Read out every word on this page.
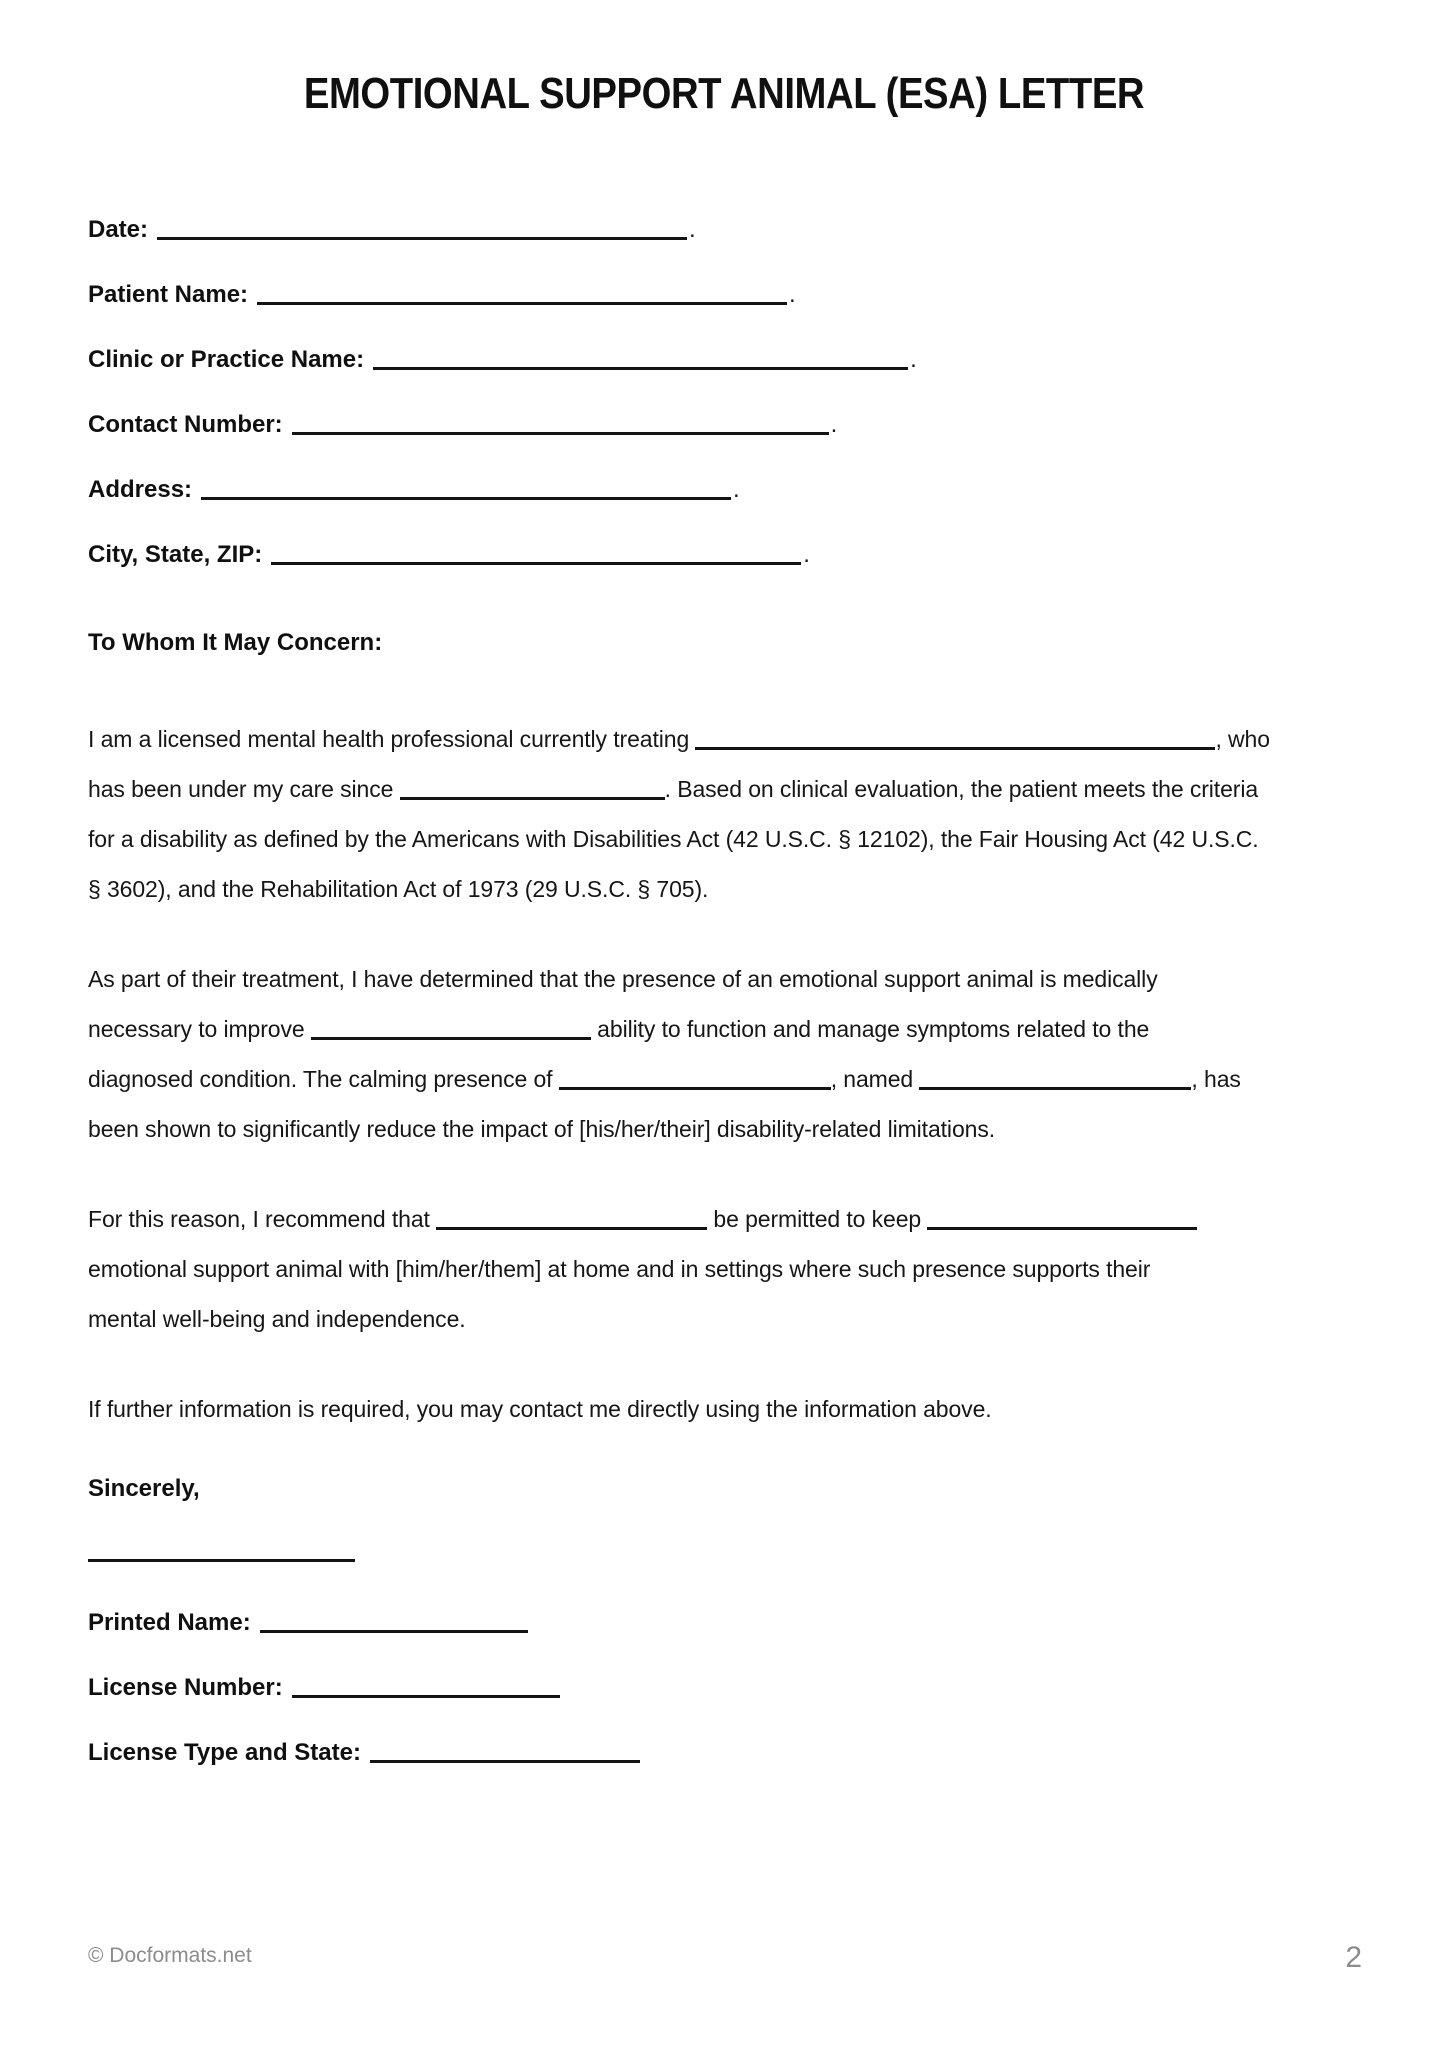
EMOTIONAL SUPPORT ANIMAL (ESA) LETTER
Date:	.
Patient Name:	.
Clinic or Practice Name:	.
Contact Number:	.
Address:	.
City, State, ZIP:	.
To Whom It May Concern:
I am a licensed mental health professional currently treating	, who
has been under my care since	. Based on clinical evaluation, the patient meets the criteria
for a disability as defined by the Americans with Disabilities Act (42 U.S.C. § 12102), the Fair Housing Act (42 U.S.C.
§ 3602), and the Rehabilitation Act of 1973 (29 U.S.C. § 705).
As part of their treatment, I have determined that the presence of an emotional support animal is medically
necessary to improve	ability to function and manage symptoms related to the
diagnosed condition. The calming presence of	, named	, has
been shown to significantly reduce the impact of [his/her/their] disability-related limitations.
For this reason, I recommend that	be permitted to keep
emotional support animal with [him/her/them] at home and in settings where such presence supports their
mental well-being and independence.
If further information is required, you may contact me directly using the information above.
Sincerely,
Printed Name:
License Number:
License Type and State:
© Docformats.net	2
